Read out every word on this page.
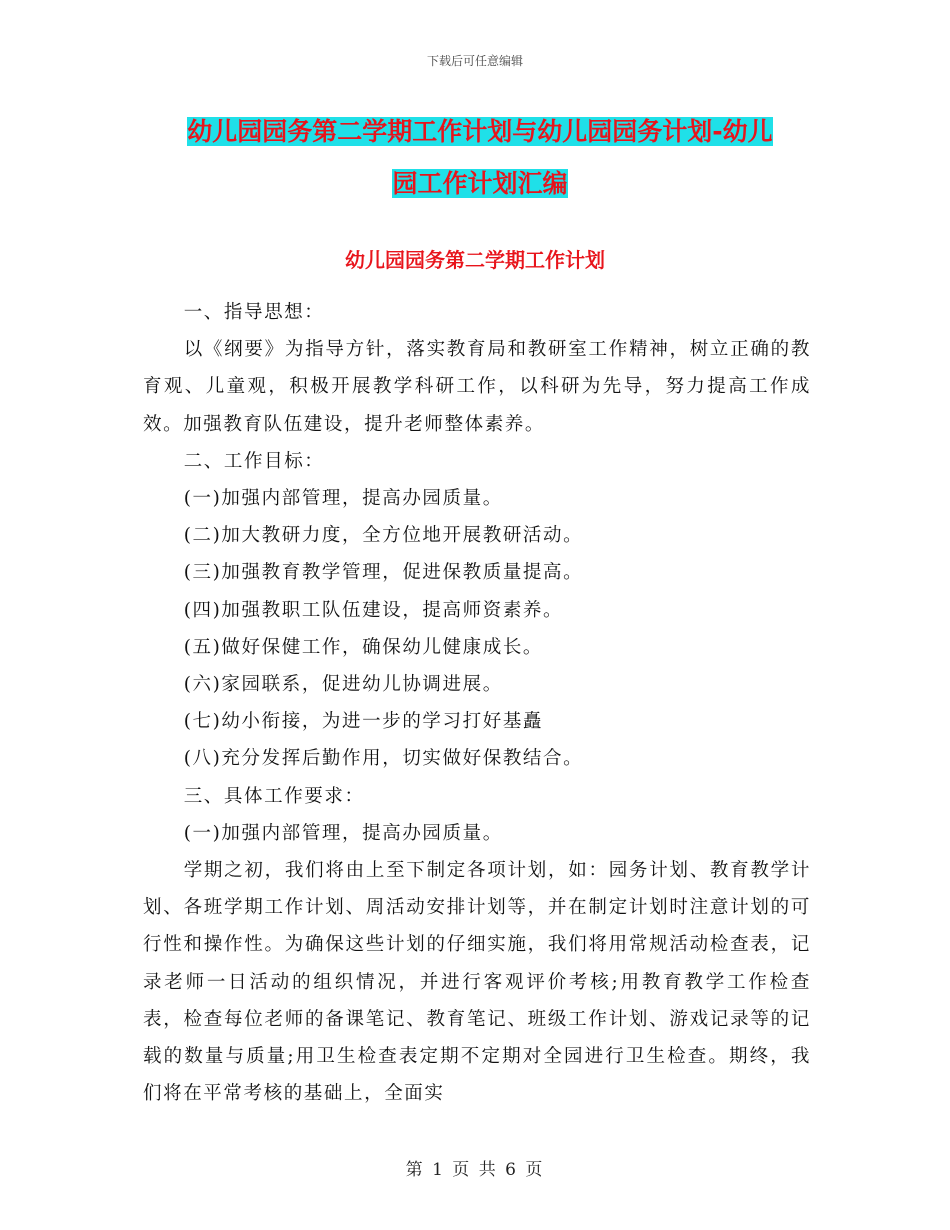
下载后可任意编辑
幼儿园园务第二学期工作计划与幼儿园园务计划-幼儿
园工作计划汇编
幼儿园园务第二学期工作计划

一、指导思想：

以《纲要》为指导方针，落实教育局和教研室工作精神，树立正确的教育观、儿童观，积极开展教学科研工作，以科研为先导，努力提高工作成效。加强教育队伍建设，提升老师整体素养。

二、工作目标：

(一)加强内部管理，提高办园质量。

(二)加大教研力度，全方位地开展教研活动。

(三)加强教育教学管理，促进保教质量提高。

(四)加强教职工队伍建设，提高师资素养。

(五)做好保健工作，确保幼儿健康成长。

(六)家园联系，促进幼儿协调进展。

(七)幼小衔接，为进一步的学习打好基矗

(八)充分发挥后勤作用，切实做好保教结合。

三、具体工作要求：

(一)加强内部管理，提高办园质量。

学期之初，我们将由上至下制定各项计划，如：园务计划、教育教学计划、各班学期工作计划、周活动安排计划等，并在制定计划时注意计划的可行性和操作性。为确保这些计划的仔细实施，我们将用常规活动检查表，记录老师一日活动的组织情况，并进行客观评价考核;用教育教学工作检查表，检查每位老师的备课笔记、教育笔记、班级工作计划、游戏记录等的记载的数量与质量;用卫生检查表定期不定期对全园进行卫生检查。期终，我们将在平常考核的基础上，全面实

第 1 页 共 6 页
